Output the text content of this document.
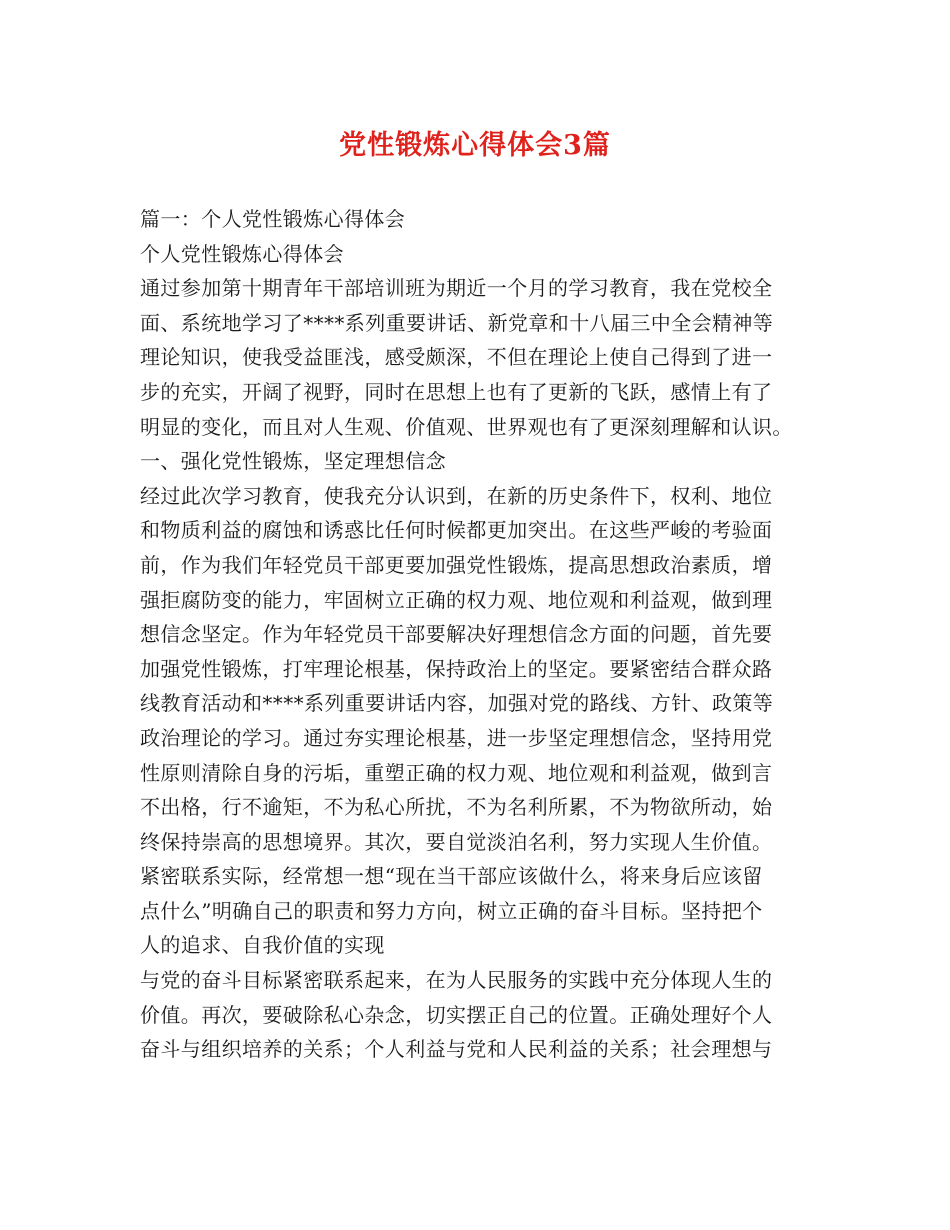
党性锻炼心得体会3篇

篇一：个人党性锻炼心得体会

个人党性锻炼心得体会

通过参加第十期青年干部培训班为期近一个月的学习教育，我在党校全

面、系统地学习了****系列重要讲话、新党章和十八届三中全会精神等

理论知识，使我受益匪浅，感受颇深，不但在理论上使自己得到了进一

步的充实，开阔了视野，同时在思想上也有了更新的飞跃，感情上有了

明显的变化，而且对人生观、价值观、世界观也有了更深刻理解和认识。

一、强化党性锻炼，坚定理想信念

经过此次学习教育，使我充分认识到，在新的历史条件下，权利、地位

和物质利益的腐蚀和诱惑比任何时候都更加突出。在这些严峻的考验面

前，作为我们年轻党员干部更要加强党性锻炼，提高思想政治素质，增

强拒腐防变的能力，牢固树立正确的权力观、地位观和利益观，做到理

想信念坚定。作为年轻党员干部要解决好理想信念方面的问题，首先要

加强党性锻炼，打牢理论根基，保持政治上的坚定。要紧密结合群众路

线教育活动和****系列重要讲话内容，加强对党的路线、方针、政策等

政治理论的学习。通过夯实理论根基，进一步坚定理想信念，坚持用党

性原则清除自身的污垢，重塑正确的权力观、地位观和利益观，做到言

不出格，行不逾矩，不为私心所扰，不为名利所累，不为物欲所动，始

终保持崇高的思想境界。其次，要自觉淡泊名利，努力实现人生价值。

紧密联系实际，经常想一想“现在当干部应该做什么，将来身后应该留

点什么”明确自己的职责和努力方向，树立正确的奋斗目标。坚持把个

人的追求、自我价值的实现

与党的奋斗目标紧密联系起来，在为人民服务的实践中充分体现人生的

价值。再次，要破除私心杂念，切实摆正自己的位置。正确处理好个人

奋斗与组织培养的关系；个人利益与党和人民利益的关系；社会理想与
